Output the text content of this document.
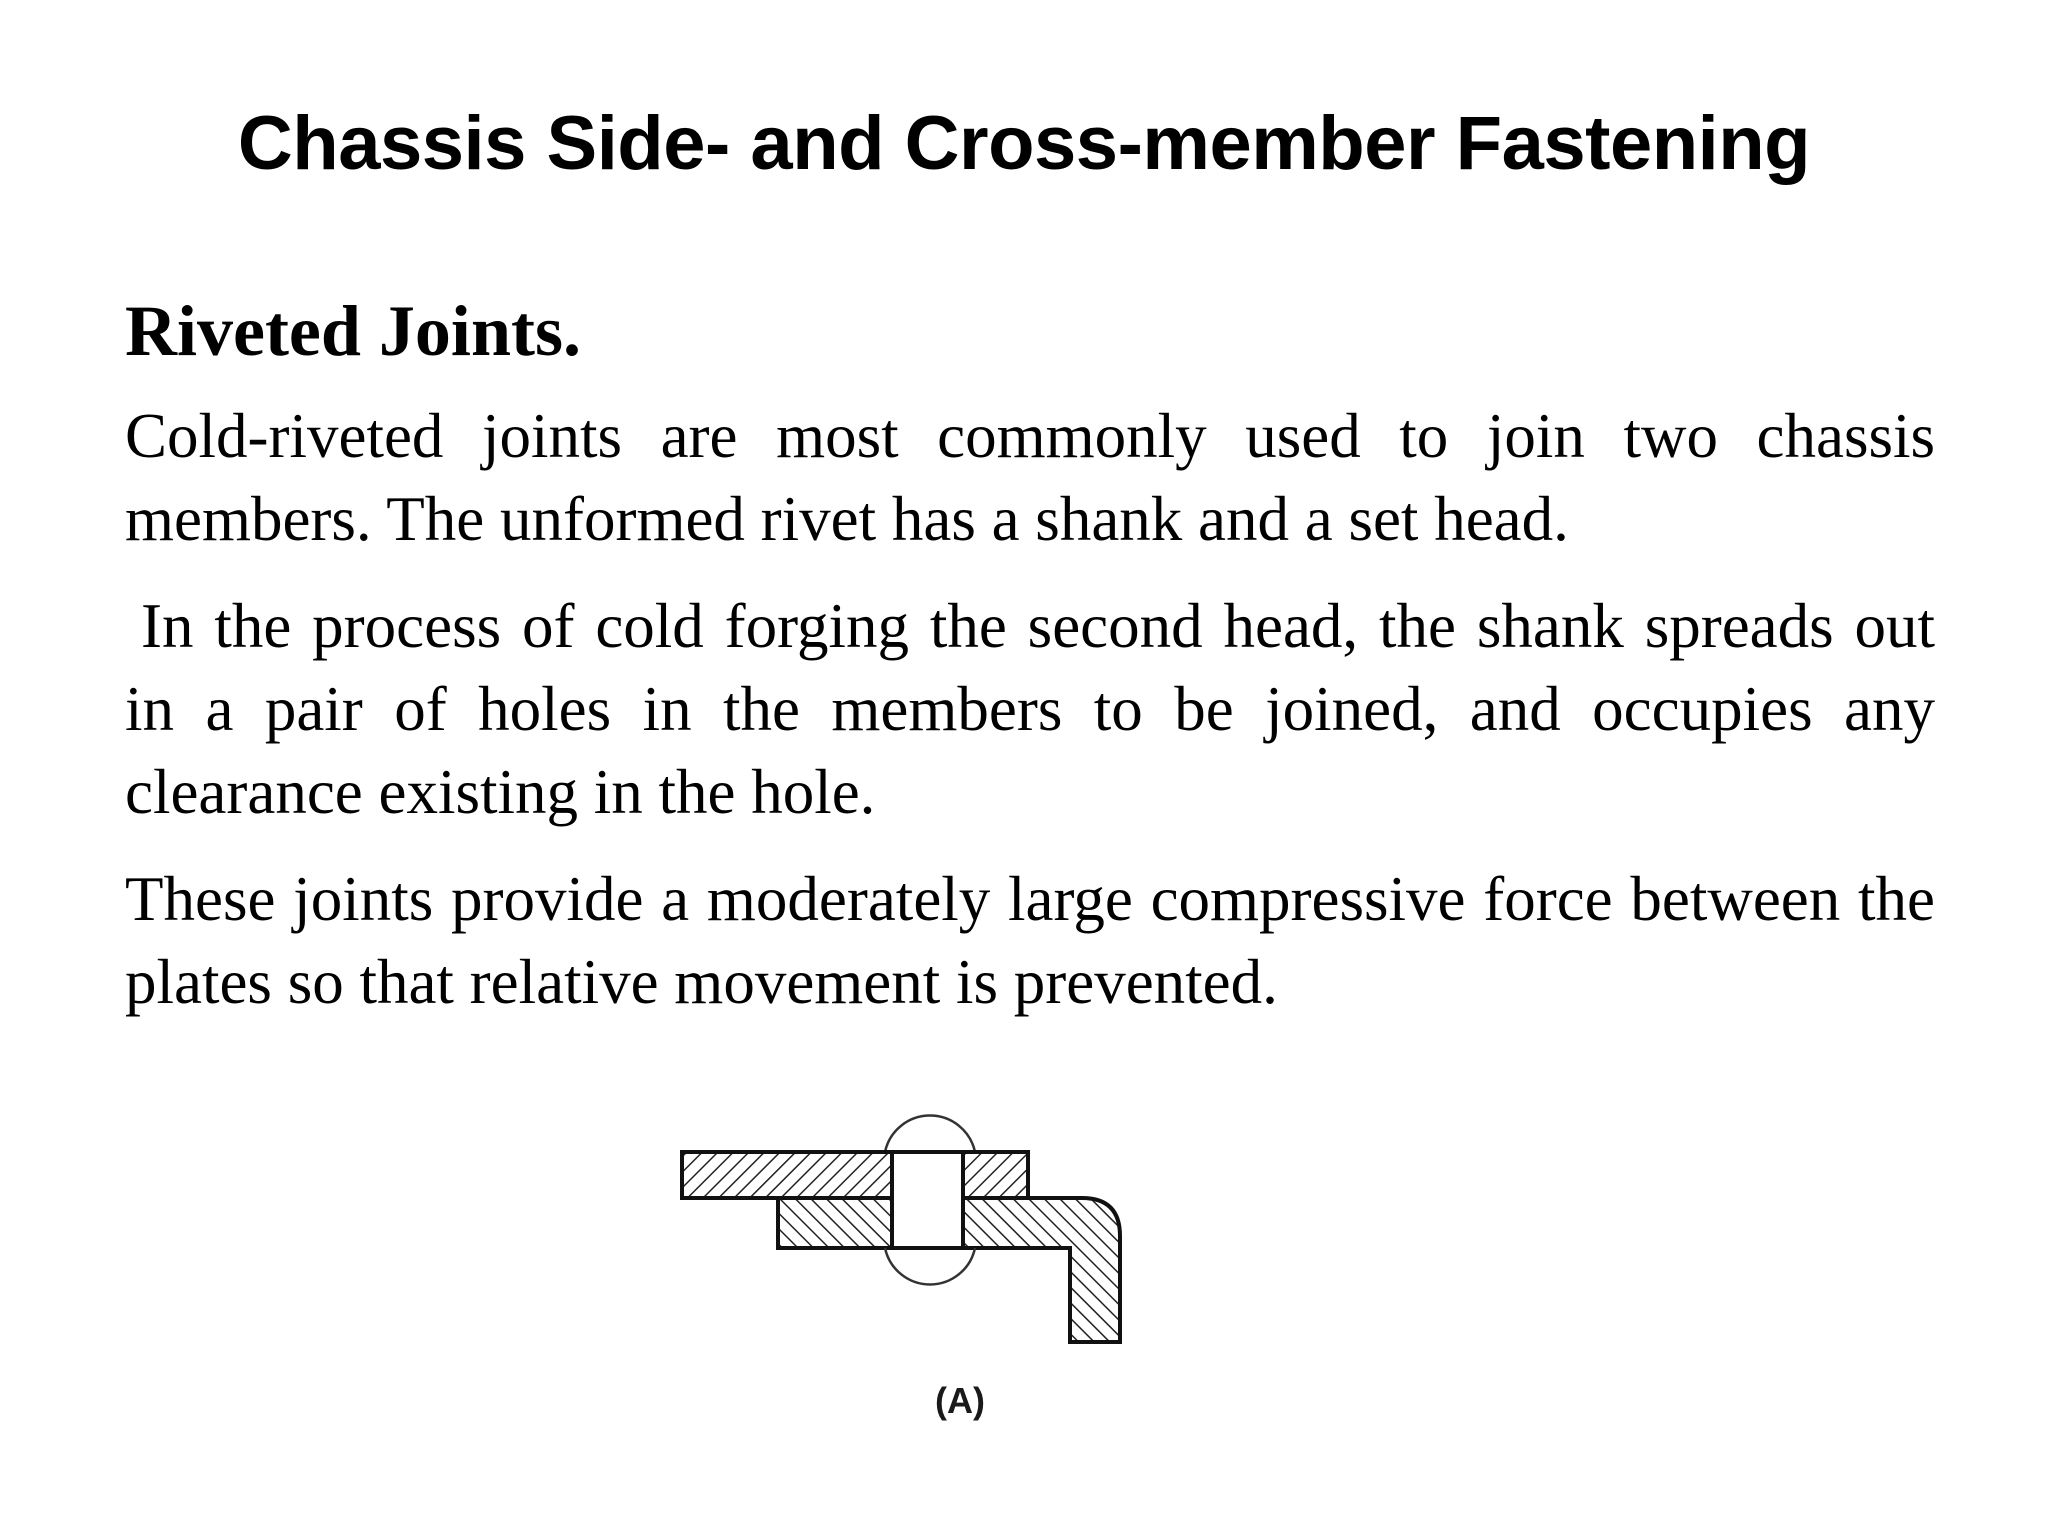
Chassis Side- and Cross-member Fastening
Riveted Joints.

Cold-riveted joints are most commonly used to join two chassis members. The unformed rivet has a shank and a set head.

In the process of cold forging the second head, the shank spreads out in a pair of holes in the members to be joined, and occupies any clearance existing in the hole.

These joints provide a moderately large compressive force between the plates so that relative movement is prevented.

(A)
